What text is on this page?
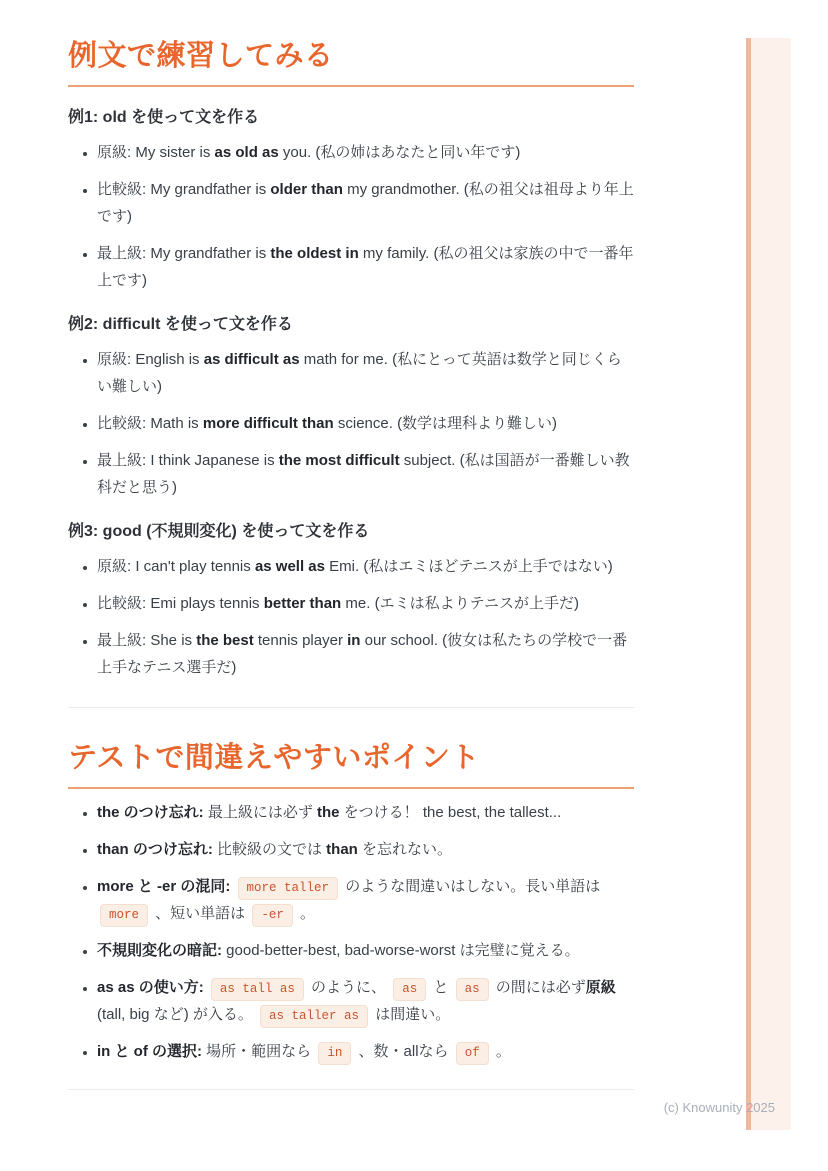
例文で練習してみる
例1: old を使って文を作る
• 原級: My sister is as old as you. (私の姉はあなたと同い年です)
• 比較級: My grandfather is older than my grandmother. (私の祖父は祖母より年上です)
• 最上級: My grandfather is the oldest in my family. (私の祖父は家族の中で一番年上です)
例2: difficult を使って文を作る
• 原級: English is as difficult as math for me. (私にとって英語は数学と同じくらい難しい)
• 比較級: Math is more difficult than science. (数学は理科より難しい)
• 最上級: I think Japanese is the most difficult subject. (私は国語が一番難しい教科だと思う)
例3: good (不規則変化) を使って文を作る
• 原級: I can't play tennis as well as Emi. (私はエミほどテニスが上手ではない)
• 比較級: Emi plays tennis better than me. (エミは私よりテニスが上手だ)
• 最上級: She is the best tennis player in our school. (彼女は私たちの学校で一番上手なテニス選手だ)
テストで間違えやすいポイント
• the のつけ忘れ: 最上級には必ず the をつける！ the best, the tallest...
• than のつけ忘れ: 比較級の文では than を忘れない。
• more と -er の混同: more taller のような間違いはしない。長い単語は more 、短い単語は -er 。
• 不規則変化の暗記: good-better-best, bad-worse-worst は完璧に覚える。
• as as の使い方: as tall as のように、 as と as の間には必ず原級 (tall, big など) が入る。 as taller as は間違い。
• in と of の選択: 場所・範囲なら in 、数・allなら of 。
(c) Knowunity 2025
